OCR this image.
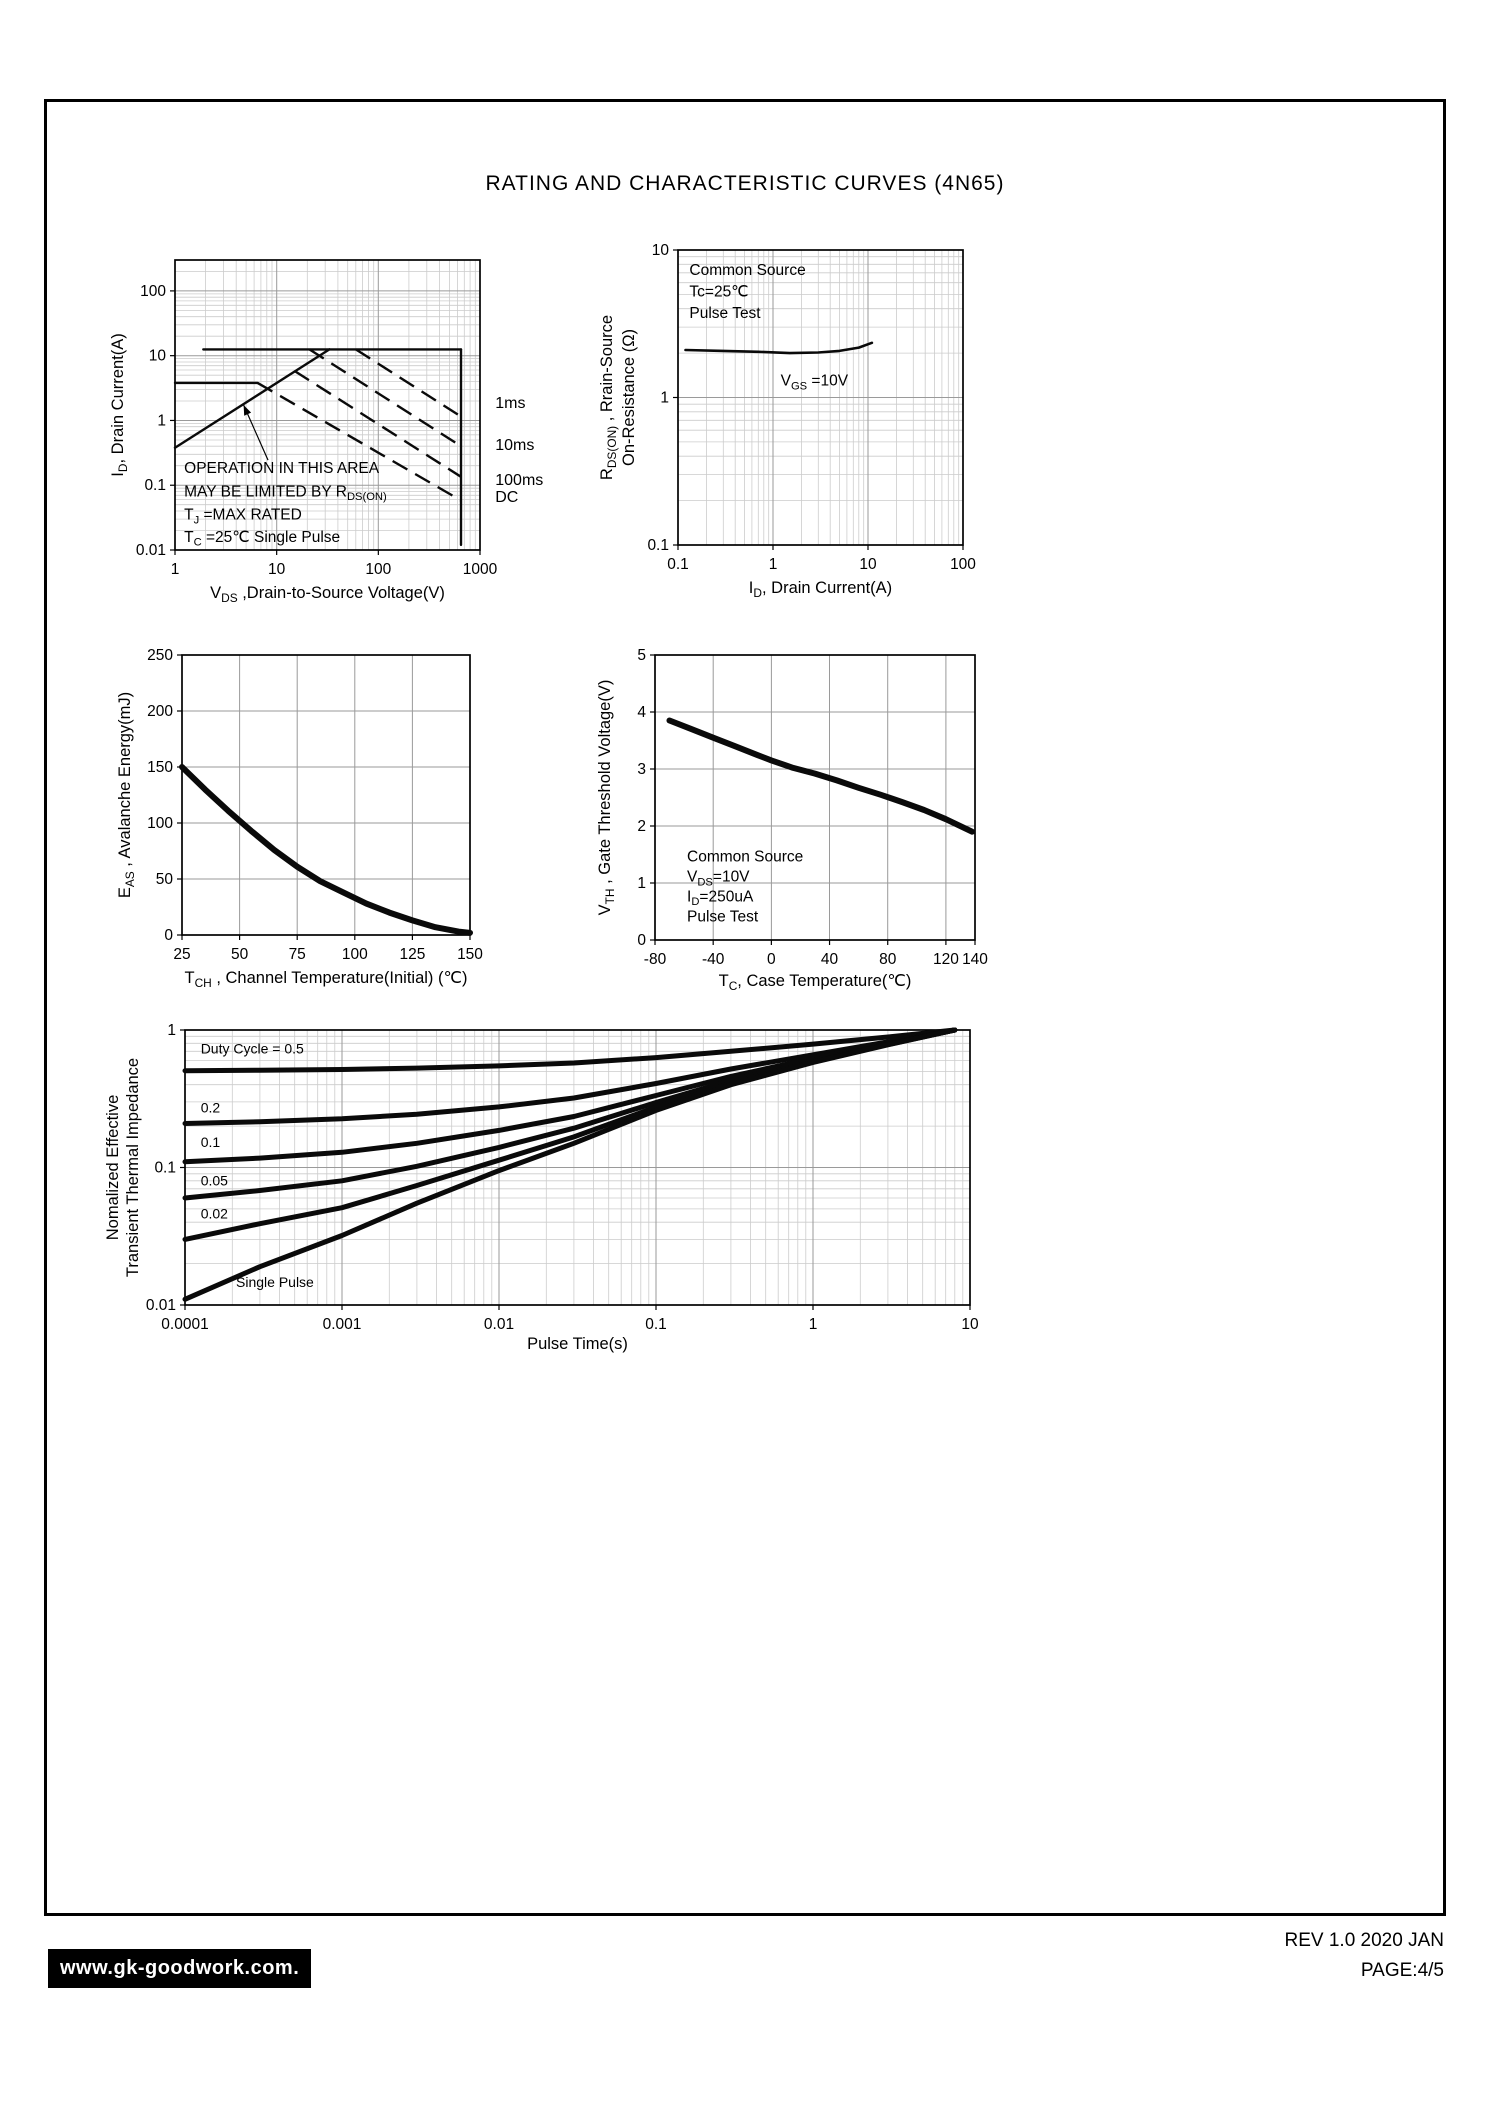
RATING AND CHARACTERISTIC CURVES (4N65)
1	10	100	1000
0.01
0.1
1
10
100
$V_{DS}$ ,Drain-to-Source Voltage(V)
$I_D$, Drain Current(A)
OPERATION IN THIS AREA
MAY BE LIMITED BY $R_{DS(ON)}$
$T_J =MAX$ RATED
$T_C$ =25℃ Single Pulse
1ms
10ms
100ms
DC
0.1	1	10	100
0.1
1
10
$I_D$, Drain Current(A)
$R_{DS(ON)}$ , Rrain-Source On-Resistance (Ω)
Common Source
Tc=25℃
Pulse Test
$V_{GS} =10V$
25	50	75 100 125 150
0
50
100
150
200
250
$T_{CH}$ , Channel Temperature(Initial) (℃)
$E_{AS}$ , Avalanche Energy(mJ)
-80 -40	0	40	80 120 140
0
1
2
3
4
5
$T_C$, Case Temperature(℃)
$V_{TH}$ , Gate Threshold Voltage(V)	Common Source
$V_{DS}=10V$
$I_D=250uA$
Pulse Test
0.0001	0.001	0.01	0.1	1	10
0.01
0.1
1
Pulse Time(s)
Nomalized Effective Transient Thermal Impedance
Duty Cycle = 0.5
0.2
0.1
0.05
0.02
Single Pulse
www.gk-goodwork.com.
REV 1.0 2020 JAN
PAGE:4/5
